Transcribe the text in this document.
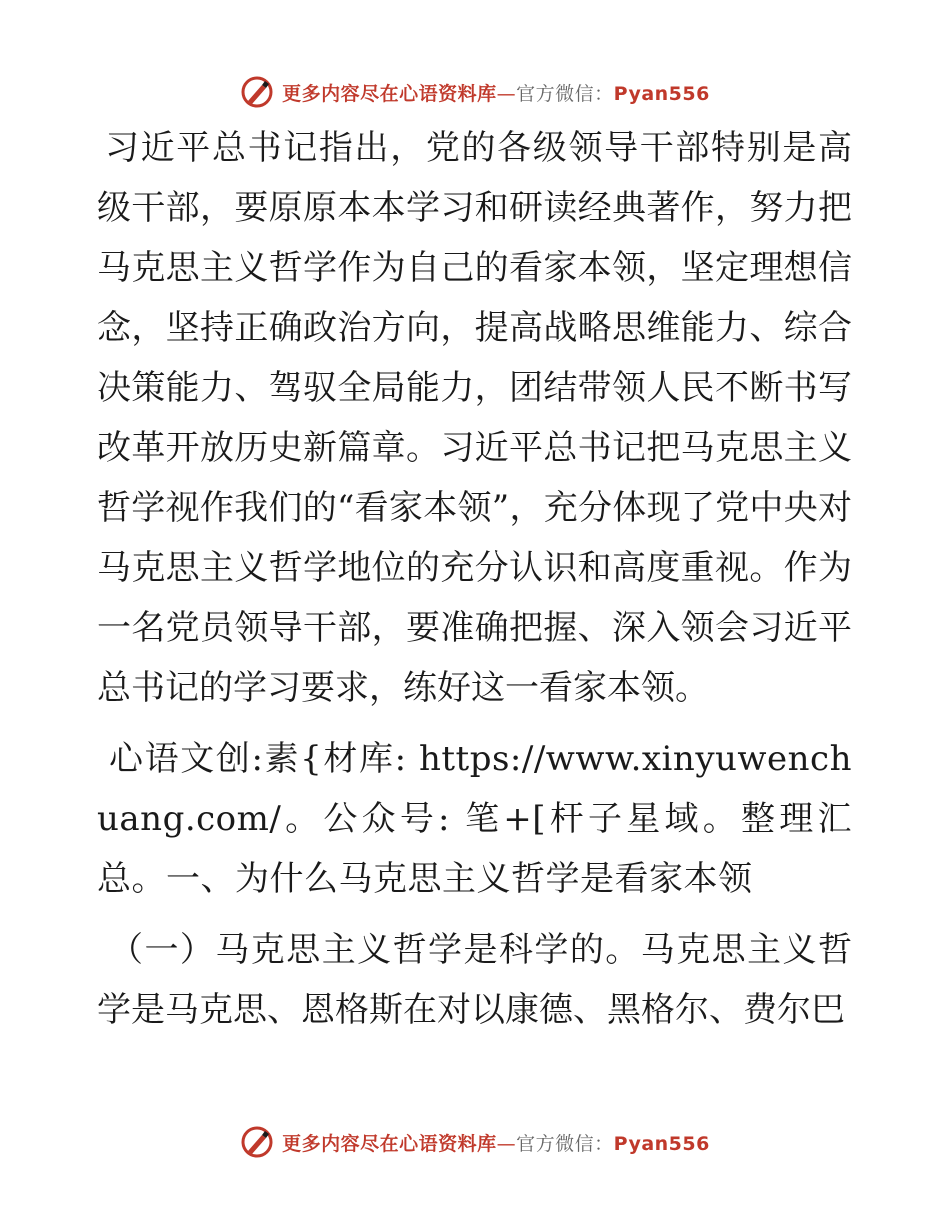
更多内容尽在心语资料库—官方微信：Pyan556

习近平总书记指出，党的各级领导干部特别是高级干部，要原原本本学习和研读经典著作，努力把马克思主义哲学作为自己的看家本领，坚定理想信念，坚持正确政治方向，提高战略思维能力、综合决策能力、驾驭全局能力，团结带领人民不断书写改革开放历史新篇章。习近平总书记把马克思主义哲学视作我们的“看家本领”，充分体现了党中央对马克思主义哲学地位的充分认识和高度重视。作为一名党员领导干部，要准确把握、深入领会习近平总书记的学习要求，练好这一看家本领。

心语文创:素{材库: https://www.xinyuwenchuang.com/。公众号: 笔+[杆子星域。整理汇总。一、为什么马克思主义哲学是看家本领

（一）马克思主义哲学是科学的。马克思主义哲学是马克思、恩格斯在对以康德、黑格尔、费尔巴

更多内容尽在心语资料库—官方微信：Pyan556
